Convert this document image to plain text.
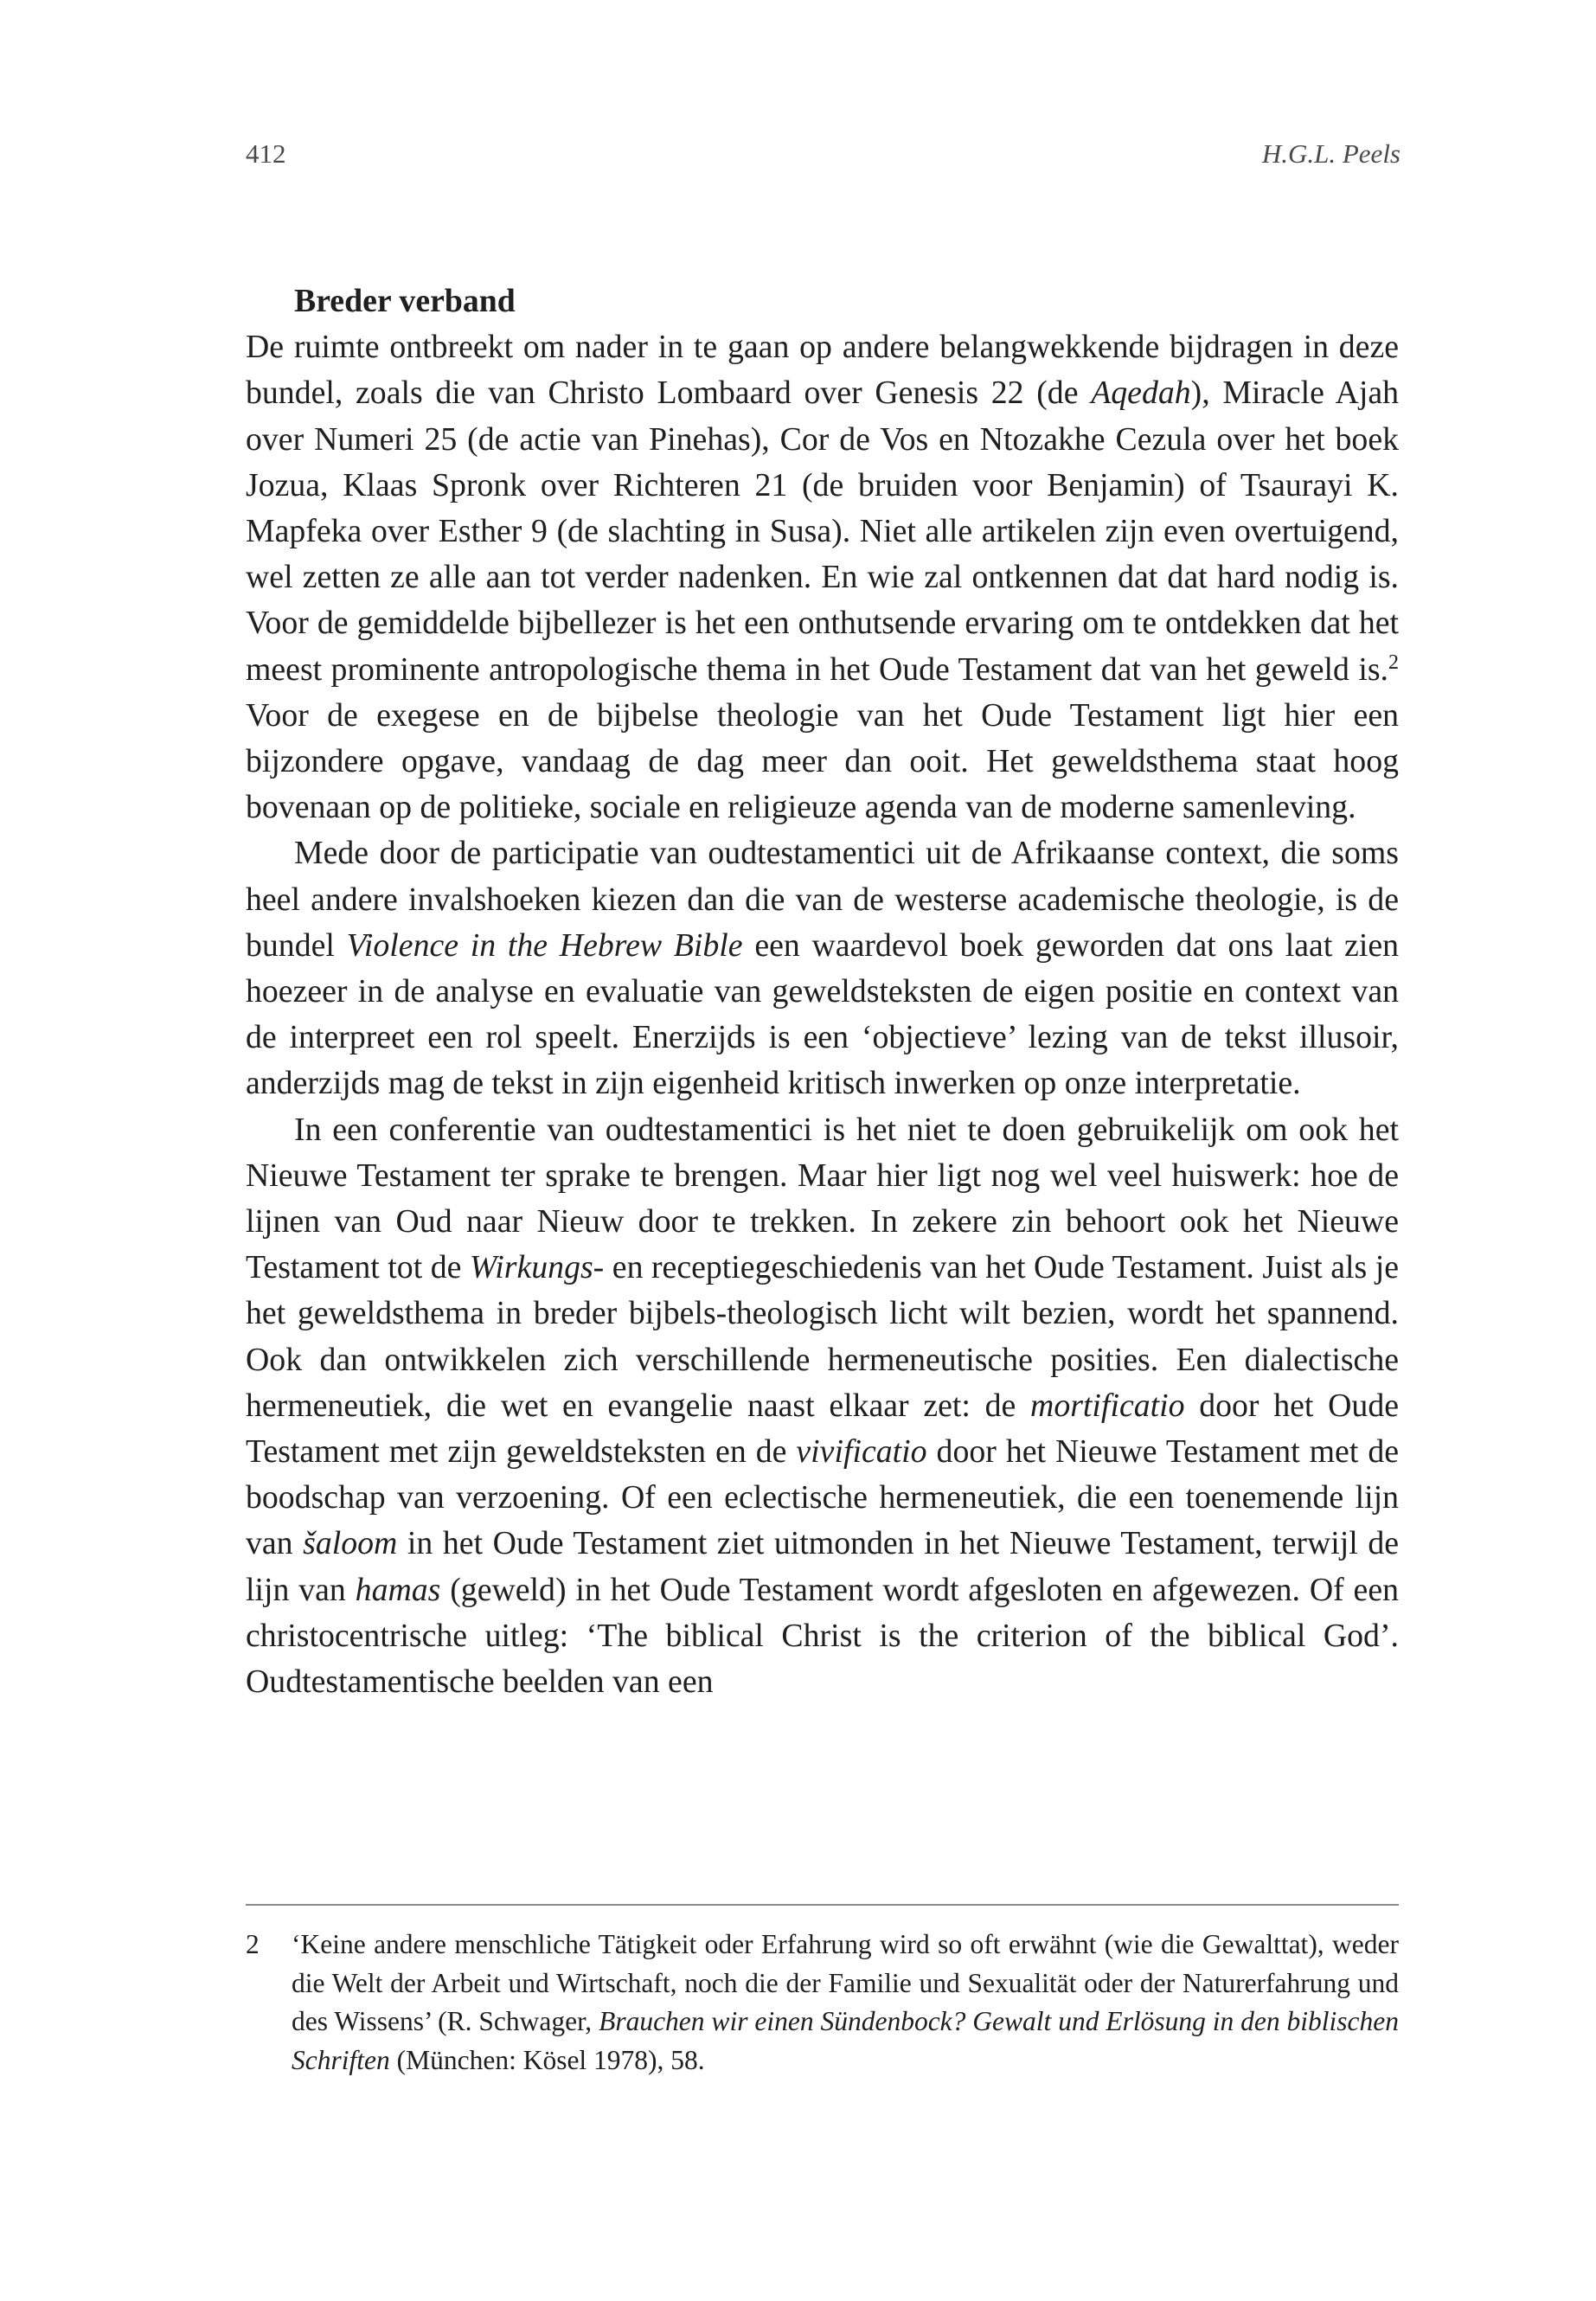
412	H.G.L. Peels
Breder verband

De ruimte ontbreekt om nader in te gaan op andere belangwekkende bijdragen in deze bundel, zoals die van Christo Lombaard over Genesis 22 (de Aqedah), Miracle Ajah over Numeri 25 (de actie van Pinehas), Cor de Vos en Ntozakhe Cezula over het boek Jozua, Klaas Spronk over Richteren 21 (de bruiden voor Benjamin) of Tsaurayi K. Mapfeka over Esther 9 (de slachting in Susa). Niet alle artikelen zijn even overtuigend, wel zetten ze alle aan tot verder nadenken. En wie zal ontkennen dat dat hard nodig is. Voor de gemiddelde bijbellezer is het een onthutsende ervaring om te ontdekken dat het meest prominente antropologische thema in het Oude Testament dat van het geweld is.$^2$ Voor de exegese en de bijbelse theologie van het Oude Testament ligt hier een bijzondere opgave, vandaag de dag meer dan ooit. Het geweldsthema staat hoog bovenaan op de politieke, sociale en religieuze agenda van de moderne samenleving.

Mede door de participatie van oudtestamentici uit de Afrikaanse context, die soms heel andere invalshoeken kiezen dan die van de westerse academische theologie, is de bundel Violence in the Hebrew Bible een waardevol boek geworden dat ons laat zien hoezeer in de analyse en evaluatie van geweldsteksten de eigen positie en context van de interpreet een rol speelt. Enerzijds is een ‘objectieve’ lezing van de tekst illusoir, anderzijds mag de tekst in zijn eigenheid kritisch inwerken op onze interpretatie.

In een conferentie van oudtestamentici is het niet te doen gebruikelijk om ook het Nieuwe Testament ter sprake te brengen. Maar hier ligt nog wel veel huiswerk: hoe de lijnen van Oud naar Nieuw door te trekken. In zekere zin behoort ook het Nieuwe Testament tot de Wirkungs- en receptiegeschiedenis van het Oude Testament. Juist als je het geweldsthema in breder bijbels-theologisch licht wilt bezien, wordt het spannend. Ook dan ontwikkelen zich verschillende hermeneutische posities. Een dialectische hermeneutiek, die wet en evangelie naast elkaar zet: de mortificatio door het Oude Testament met zijn geweldsteksten en de vivificatio door het Nieuwe Testament met de boodschap van verzoening. Of een eclectische hermeneutiek, die een toenemende lijn van šaloom in het Oude Testament ziet uitmonden in het Nieuwe Testament, terwijl de lijn van hamas (geweld) in het Oude Testament wordt afgesloten en afgewezen. Of een christocentrische uitleg: ‘The biblical Christ is the criterion of the biblical God’. Oudtestamentische beelden van een

2	‘Keine andere menschliche Tätigkeit oder Erfahrung wird so oft erwähnt (wie die Gewalttat), weder die Welt der Arbeit und Wirtschaft, noch die der Familie und Sexualität oder der Naturerfahrung und des Wissens’ (R. Schwager, Brauchen wir einen Sündenbock? Gewalt und Erlösung in den biblischen Schriften (München: Kösel 1978), 58.
